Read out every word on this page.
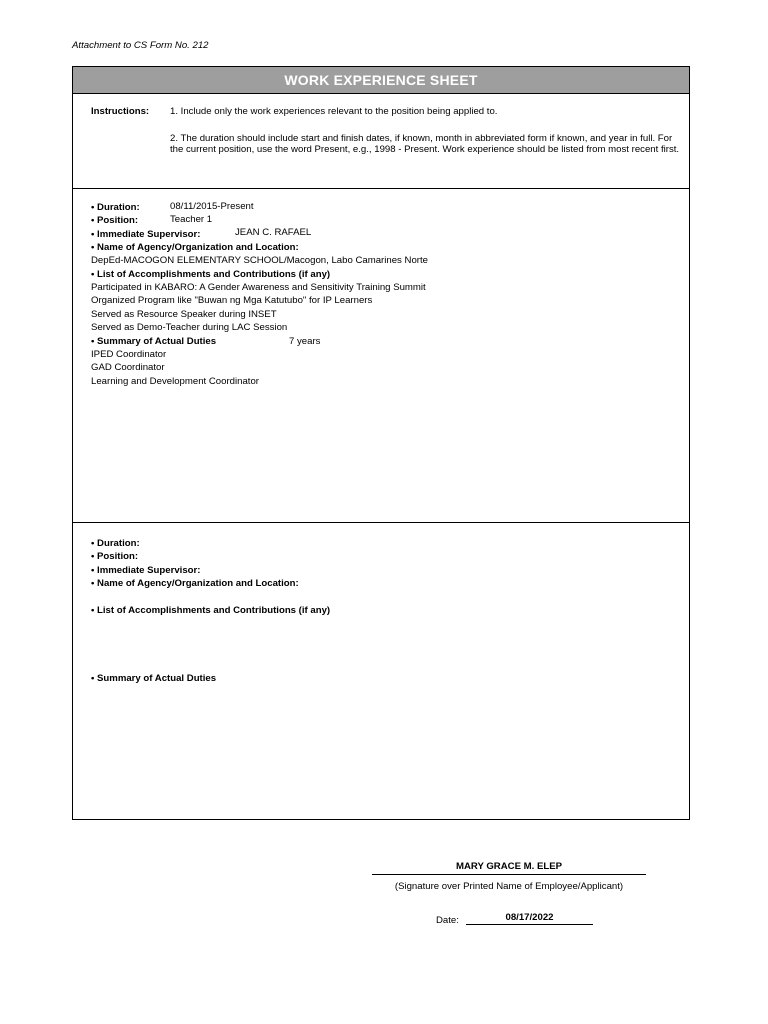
Attachment to CS Form No. 212
WORK EXPERIENCE SHEET
Instructions: 1. Include only the work experiences relevant to the position being applied to.
2. The duration should include start and finish dates, if known, month in abbreviated form if known, and year in full. For the current position, use the word Present, e.g., 1998 - Present. Work experience should be listed from most recent first.
• Duration:	08/11/2015-Present
• Position:	Teacher 1
• Immediate Supervisor:	JEAN C. RAFAEL
• Name of Agency/Organization and Location:
DepEd-MACOGON ELEMENTARY SCHOOL/Macogon, Labo Camarines Norte
• List of Accomplishments and Contributions (if any)
Participated in KABARO: A Gender Awareness and Sensitivity Training Summit
Organized Program like "Buwan ng Mga Katutubo" for IP Learners
Served as Resource Speaker during INSET
Served as Demo-Teacher during LAC Session
• Summary of Actual Duties	7 years
IPED Coordinator
GAD Coordinator
Learning and Development Coordinator
• Duration:
• Position:
• Immediate Supervisor:
• Name of Agency/Organization and Location:
• List of Accomplishments and Contributions (if any)
• Summary of Actual Duties
MARY GRACE M. ELEP
(Signature over Printed Name of Employee/Applicant)
Date:	08/17/2022
